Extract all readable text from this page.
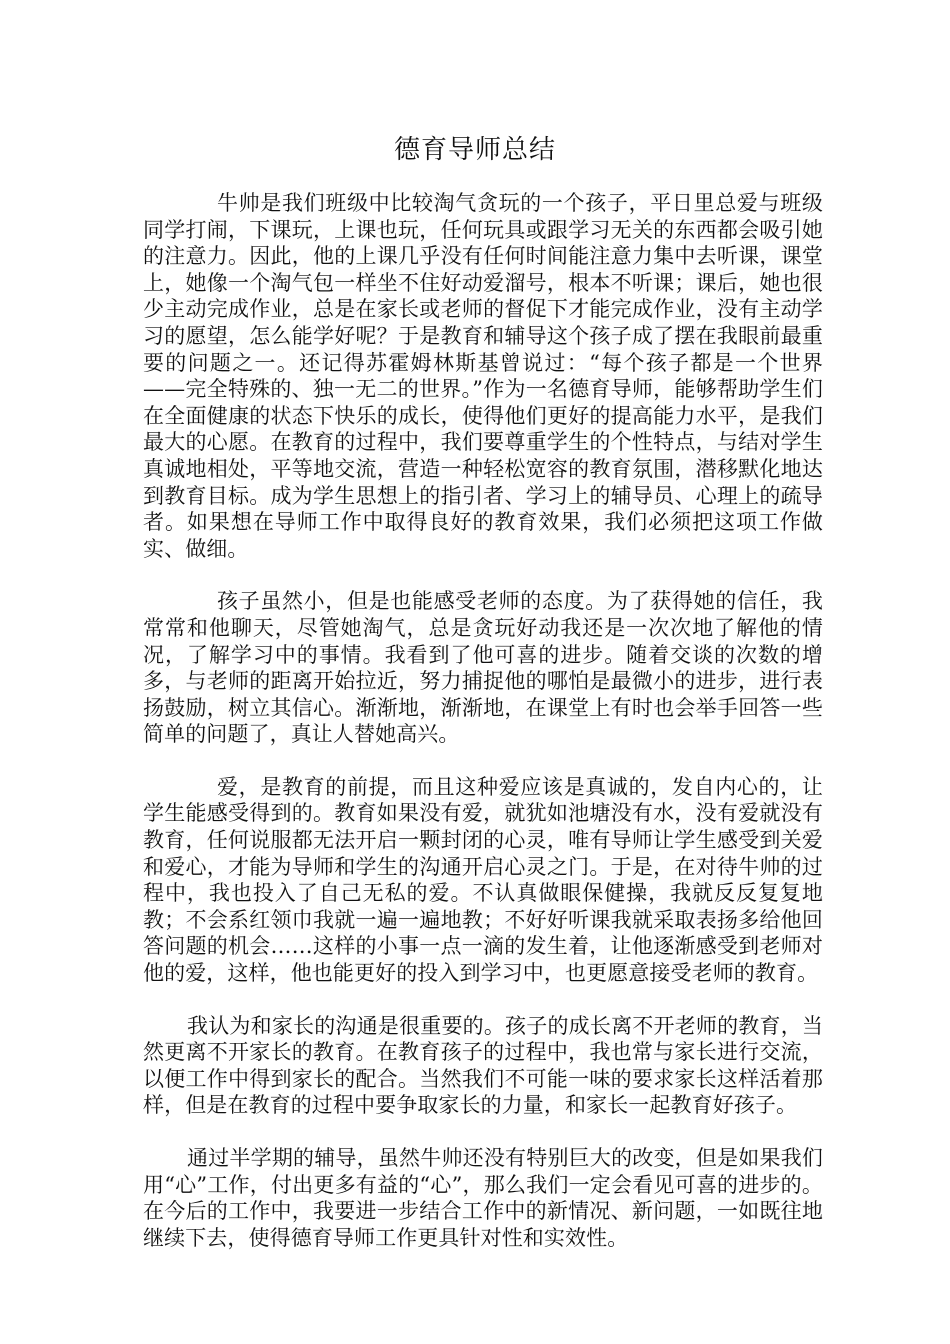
德育导师总结

牛帅是我们班级中比较淘气贪玩的一个孩子，平日里总爱与班级同学打闹，下课玩，上课也玩，任何玩具或跟学习无关的东西都会吸引她的注意力。因此，他的上课几乎没有任何时间能注意力集中去听课，课堂上，她像一个淘气包一样坐不住好动爱溜号，根本不听课；课后，她也很少主动完成作业，总是在家长或老师的督促下才能完成作业，没有主动学习的愿望，怎么能学好呢？于是教育和辅导这个孩子成了摆在我眼前最重要的问题之一。还记得苏霍姆林斯基曾说过：“每个孩子都是一个世界——完全特殊的、独一无二的世界。”作为一名德育导师，能够帮助学生们在全面健康的状态下快乐的成长，使得他们更好的提高能力水平，是我们最大的心愿。在教育的过程中，我们要尊重学生的个性特点，与结对学生真诚地相处，平等地交流，营造一种轻松宽容的教育氛围，潜移默化地达到教育目标。成为学生思想上的指引者、学习上的辅导员、心理上的疏导者。如果想在导师工作中取得良好的教育效果，我们必须把这项工作做实、做细。

孩子虽然小，但是也能感受老师的态度。为了获得她的信任，我常常和他聊天，尽管她淘气，总是贪玩好动我还是一次次地了解他的情况，了解学习中的事情。我看到了他可喜的进步。随着交谈的次数的增多，与老师的距离开始拉近，努力捕捉他的哪怕是最微小的进步，进行表扬鼓励，树立其信心。渐渐地，渐渐地，在课堂上有时也会举手回答一些简单的问题了，真让人替她高兴。

爱，是教育的前提，而且这种爱应该是真诚的，发自内心的，让学生能感受得到的。教育如果没有爱，就犹如池塘没有水，没有爱就没有教育，任何说服都无法开启一颗封闭的心灵，唯有导师让学生感受到关爱和爱心，才能为导师和学生的沟通开启心灵之门。于是，在对待牛帅的过程中，我也投入了自己无私的爱。不认真做眼保健操，我就反反复复地教；不会系红领巾我就一遍一遍地教；不好好听课我就采取表扬多给他回答问题的机会……这样的小事一点一滴的发生着，让他逐渐感受到老师对他的爱，这样，他也能更好的投入到学习中，也更愿意接受老师的教育。

我认为和家长的沟通是很重要的。孩子的成长离不开老师的教育，当然更离不开家长的教育。在教育孩子的过程中，我也常与家长进行交流，以便工作中得到家长的配合。当然我们不可能一味的要求家长这样活着那样，但是在教育的过程中要争取家长的力量，和家长一起教育好孩子。

通过半学期的辅导，虽然牛帅还没有特别巨大的改变，但是如果我们用“心”工作，付出更多有益的“心”，那么我们一定会看见可喜的进步的。在今后的工作中，我要进一步结合工作中的新情况、新问题，一如既往地继续下去，使得德育导师工作更具针对性和实效性。
